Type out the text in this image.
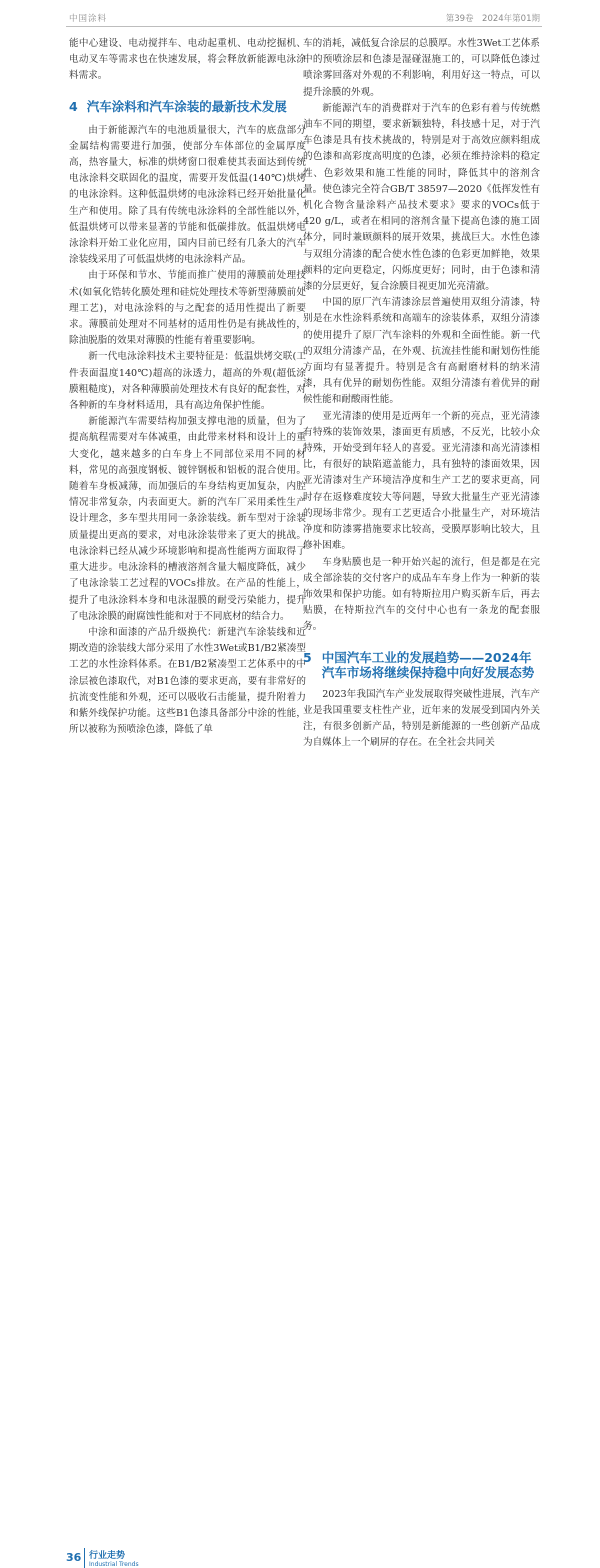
中国涂料	第39卷　2024年第01期

能中心建设、电动搅拌车、电动起重机、电动挖掘机、电动叉车等需求也在快速发展，将会释放新能源电泳涂料需求。

4 汽车涂料和汽车涂装的最新技术发展

由于新能源汽车的电池质量很大，汽车的底盘部分金属结构需要进行加强，使部分车体部位的金属厚度高，热容量大，标准的烘烤窗口很难使其表面达到传统电泳涂料交联固化的温度，需要开发低温(140℃)烘烤的电泳涂料。这种低温烘烤的电泳涂料已经开始批量化生产和使用。除了具有传统电泳涂料的全部性能以外，低温烘烤可以带来显著的节能和低碳排放。低温烘烤电泳涂料开始工业化应用，国内目前已经有几条大的汽车涂装线采用了可低温烘烤的电泳涂料产品。

由于环保和节水、节能而推广使用的薄膜前处理技术(如氧化锆转化膜处理和硅烷处理技术等新型薄膜前处理工艺)，对电泳涂料的与之配套的适用性提出了新要求。薄膜前处理对不同基材的适用性仍是有挑战性的，除油脱脂的效果对薄膜的性能有着重要影响。

新一代电泳涂料技术主要特征是：低温烘烤交联(工件表面温度140℃)超高的泳透力，超高的外观(超低涂膜粗糙度)，对各种薄膜前处理技术有良好的配套性，对各种新的车身材料适用，具有高边角保护性能。

新能源汽车需要结构加强支撑电池的质量，但为了提高航程需要对车体减重，由此带来材料和设计上的重大变化，越来越多的白车身上不同部位采用不同的材料，常见的高强度钢板、镀锌钢板和铝板的混合使用。随着车身板减薄，而加强后的车身结构更加复杂，内腔情况非常复杂，内表面更大。新的汽车厂采用柔性生产设计理念，多车型共用同一条涂装线。新车型对于涂装质量提出更高的要求，对电泳涂装带来了更大的挑战。电泳涂料已经从减少环境影响和提高性能两方面取得了重大进步。电泳涂料的槽液溶剂含量大幅度降低，减少了电泳涂装工艺过程的VOCs排放。在产品的性能上，提升了电泳涂料本身和电泳湿膜的耐受污染能力，提升了电泳涂膜的耐腐蚀性能和对于不同底材的结合力。

中涂和面漆的产品升级换代：新建汽车涂装线和近期改造的涂装线大部分采用了水性3Wet或B1/B2紧凑型工艺的水性涂料体系。在B1/B2紧凑型工艺体系中的中涂层被色漆取代，对B1色漆的要求更高，要有非常好的抗流变性能和外观，还可以吸收石击能量，提升附着力和紫外线保护功能。这些B1色漆具备部分中涂的性能，所以被称为预喷涂色漆，降低了单

车的消耗，减低复合涂层的总膜厚。水性3Wet工艺体系中的预喷涂层和色漆是湿碰湿施工的，可以降低色漆过喷涂雾回落对外观的不利影响，利用好这一特点，可以提升涂膜的外观。

新能源汽车的消费群对于汽车的色彩有着与传统燃油车不同的期望，要求新颖独特，科技感十足，对于汽车色漆是具有技术挑战的，特别是对于高效应颜料组成的色漆和高彩度高明度的色漆，必须在维持涂料的稳定性、色彩效果和施工性能的同时，降低其中的溶剂含量。使色漆完全符合GB/T 38597—2020《低挥发性有机化合物含量涂料产品技术要求》要求的VOCs低于420 g/L，或者在相同的溶剂含量下提高色漆的施工固体分，同时兼顾颜料的展开效果，挑战巨大。水性色漆与双组分清漆的配合使水性色漆的色彩更加鲜艳，效果颜料的定向更稳定，闪烁度更好；同时，由于色漆和清漆的分层更好，复合涂膜目视更加光亮清澈。

中国的原厂汽车清漆涂层普遍使用双组分清漆，特别是在水性涂料系统和高端车的涂装体系，双组分清漆的使用提升了原厂汽车涂料的外观和全面性能。新一代的双组分清漆产品，在外观、抗流挂性能和耐划伤性能方面均有显著提升。特别是含有高耐磨材料的纳米清漆，具有优异的耐划伤性能。双组分清漆有着优异的耐候性能和耐酸雨性能。

亚光清漆的使用是近两年一个新的亮点，亚光清漆有特殊的装饰效果，漆面更有质感，不反光，比较小众特殊，开始受到年轻人的喜爱。亚光清漆和高光清漆相比，有很好的缺陷遮盖能力，具有独特的漆面效果，因亚光清漆对生产环境洁净度和生产工艺的要求更高，同时存在返修难度较大等问题，导致大批量生产亚光清漆的现场非常少。现有工艺更适合小批量生产，对环境洁净度和防漆雾措施要求比较高，受膜厚影响比较大，且修补困难。

车身贴膜也是一种开始兴起的流行，但是都是在完成全部涂装的交付客户的成品车车身上作为一种新的装饰效果和保护功能。如有特斯拉用户购买新车后，再去贴膜，在特斯拉汽车的交付中心也有一条龙的配套服务。

5 中国汽车工业的发展趋势——2024年汽车市场将继续保持稳中向好发展态势

2023年我国汽车产业发展取得突破性进展，汽车产业是我国重要支柱性产业，近年来的发展受到国内外关注，有很多创新产品，特别是新能源的一些创新产品成为自媒体上一个刷屏的存在。在全社会共同关

36 行业走势
Industrial Trends
